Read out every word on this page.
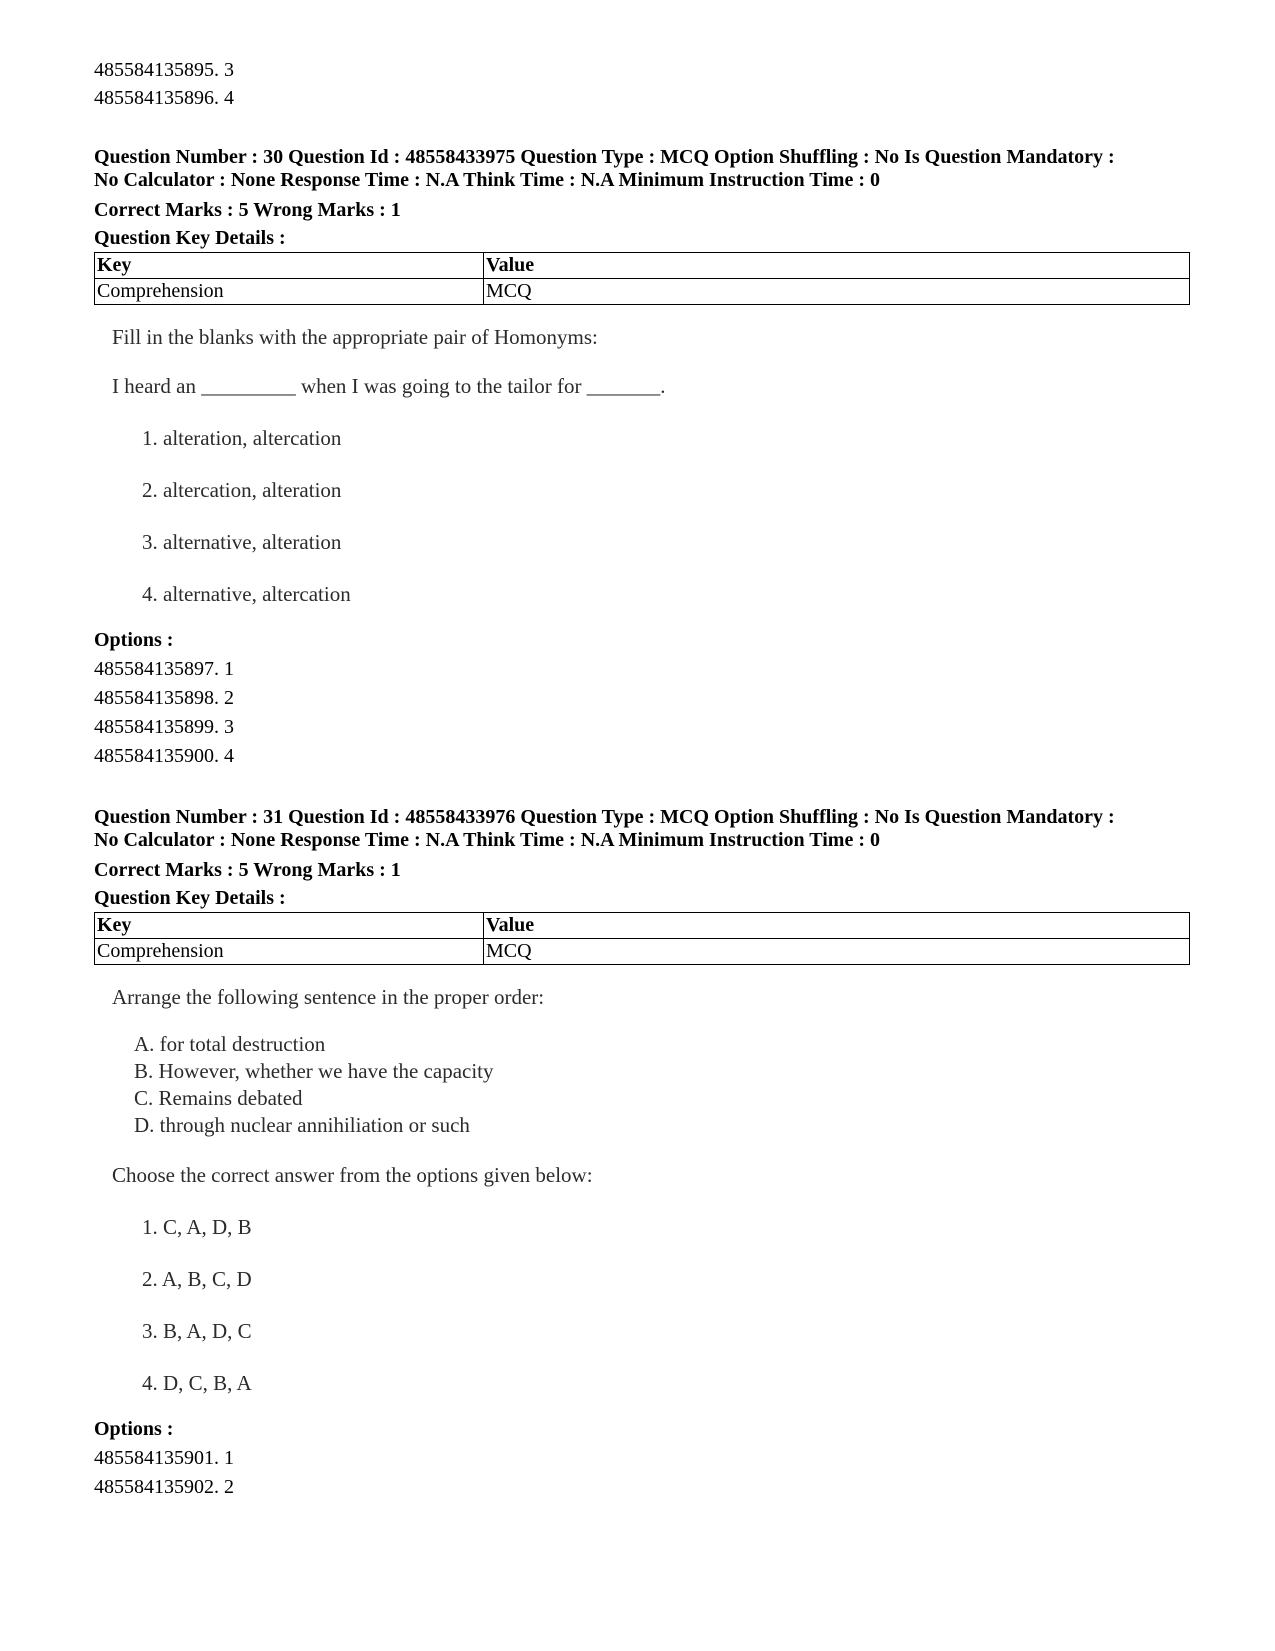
485584135895. 3

485584135896. 4

Question Number : 30 Question Id : 48558433975 Question Type : MCQ Option Shuffling : No Is Question Mandatory :

No Calculator : None Response Time : N.A Think Time : N.A Minimum Instruction Time : 0

Correct Marks : 5 Wrong Marks : 1

Question Key Details :

Key	Value
Comprehension	MCQ

Fill in the blanks with the appropriate pair of Homonyms:

I heard an _________ when I was going to the tailor for _______.

1. alteration, altercation

2. altercation, alteration

3. alternative, alteration

4. alternative, altercation

Options :

485584135897. 1

485584135898. 2

485584135899. 3

485584135900. 4

Question Number : 31 Question Id : 48558433976 Question Type : MCQ Option Shuffling : No Is Question Mandatory :

No Calculator : None Response Time : N.A Think Time : N.A Minimum Instruction Time : 0

Correct Marks : 5 Wrong Marks : 1

Question Key Details :

Key	Value
Comprehension	MCQ

Arrange the following sentence in the proper order:

A. for total destruction

B. However, whether we have the capacity

C. Remains debated

D. through nuclear annihiliation or such

Choose the correct answer from the options given below:

1. C, A, D, B

2. A, B, C, D

3. B, A, D, C

4. D, C, B, A

Options :

485584135901. 1

485584135902. 2
